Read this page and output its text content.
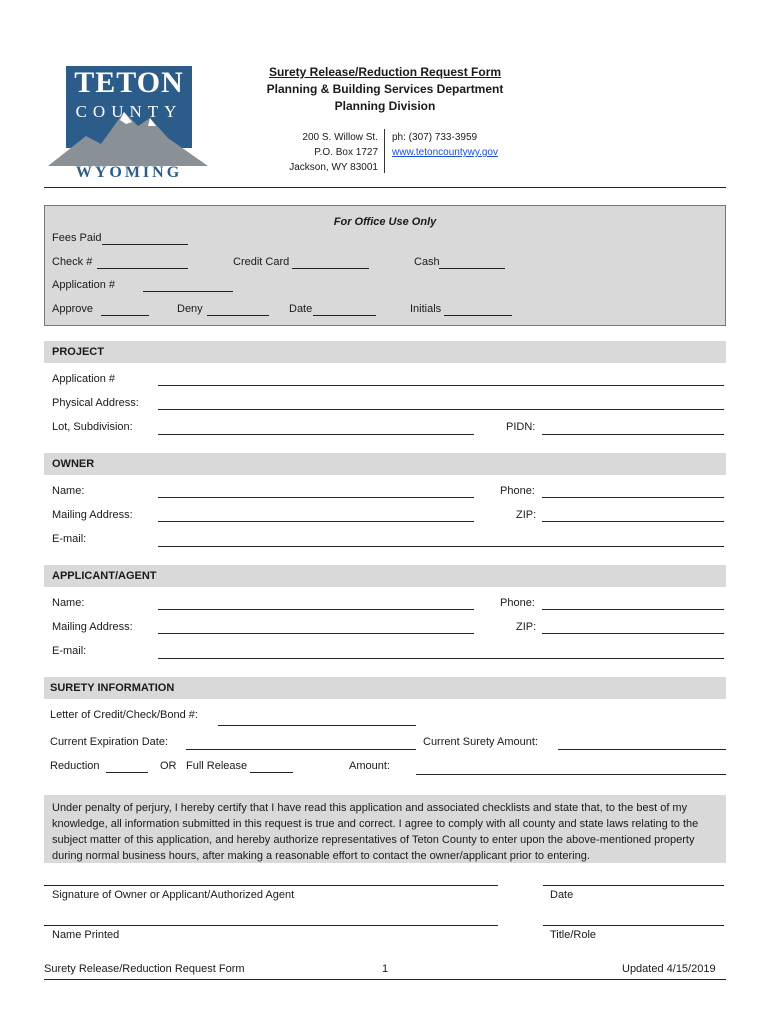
TETON
COUNTY
WYOMING
Surety Release/Reduction Request Form
Planning & Building Services Department
Planning Division
200 S. Willow St.
P.O. Box 1727
Jackson, WY 83001
ph: (307) 733-3959
www.tetoncountywy.gov
For Office Use Only
Fees Paid
Check #	Credit Card	Cash
Application #
Approve	Deny	Date	Initials
PROJECT
Application #
Physical Address:
Lot, Subdivision:	PIDN:
OWNER
Name:	Phone:
Mailing Address:	ZIP:
E-mail:
APPLICANT/AGENT
Name:	Phone:
Mailing Address:	ZIP:
E-mail:
SURETY INFORMATION
Letter of Credit/Check/Bond #:
Current Expiration Date:	Current Surety Amount:
Reduction	OR Full Release	Amount:

Under penalty of perjury, I hereby certify that I have read this application and associated checklists and state that, to the best of my knowledge, all information submitted in this request is true and correct. I agree to comply with all county and state laws relating to the subject matter of this application, and hereby authorize representatives of Teton County to enter upon the above-mentioned property during normal business hours, after making a reasonable effort to contact the owner/applicant prior to entering.

Signature of Owner or Applicant/Authorized Agent	Date
Name Printed	Title/Role
Surety Release/Reduction Request Form	1	Updated 4/15/2019
